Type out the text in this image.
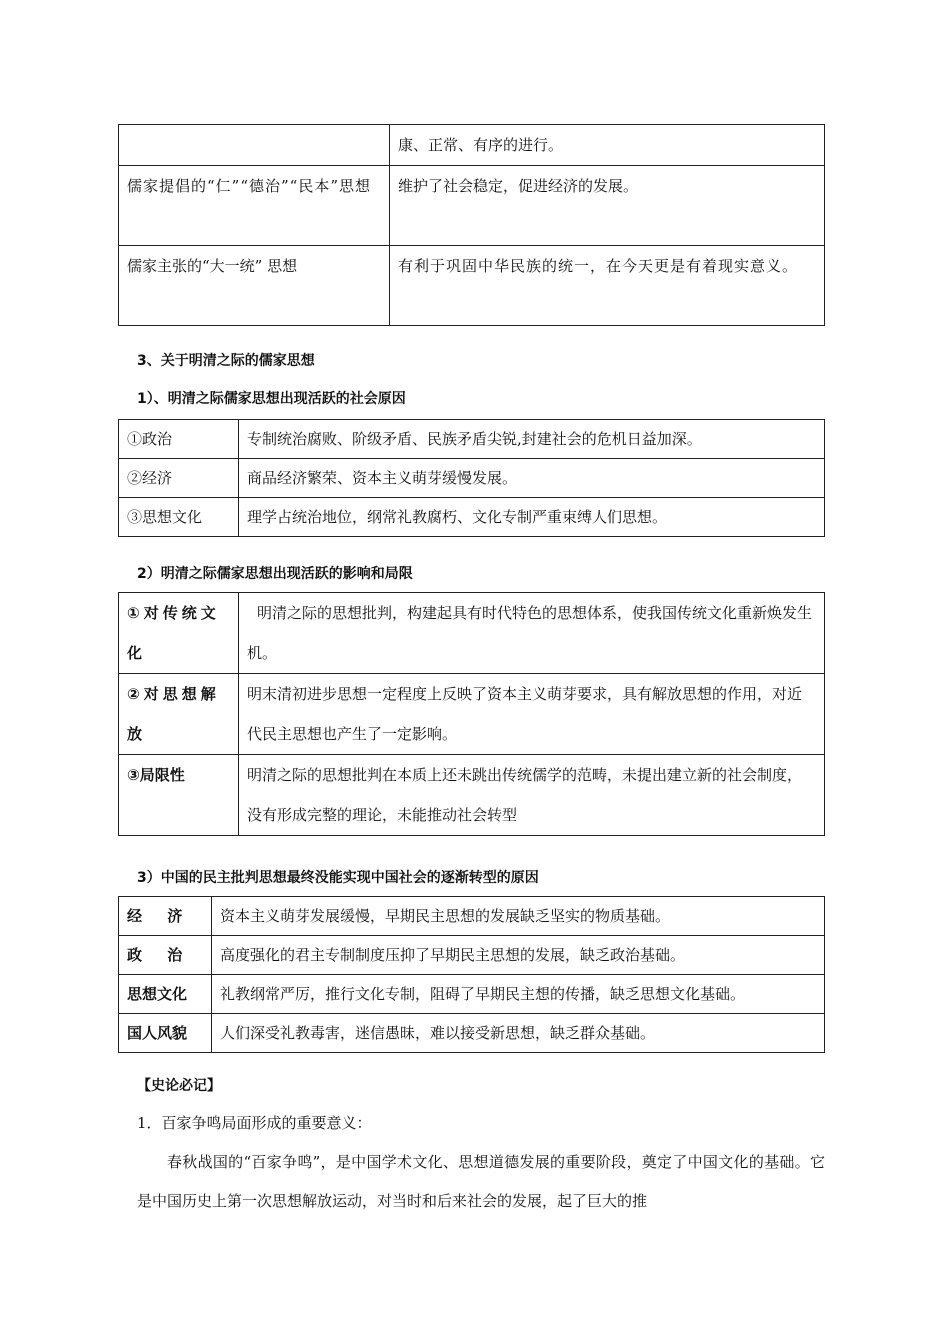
	康、正常、有序的进行。
儒家提倡的“仁”“德治”“民本”思想	维护了社会稳定，促进经济的发展。
儒家主张的“大一统” 思想	有利于巩固中华民族的统一，在今天更是有着现实意义。
3、关于明清之际的儒家思想
1）、明清之际儒家思想出现活跃的社会原因
①政治	专制统治腐败、阶级矛盾、民族矛盾尖锐,封建社会的危机日益加深。
②经济	商品经济繁荣、资本主义萌芽缓慢发展。
③思想文化	理学占统治地位，纲常礼教腐朽、文化专制严重束缚人们思想。
2）明清之际儒家思想出现活跃的影响和局限
①对传统文化	明清之际的思想批判，构建起具有时代特色的思想体系，使我国传统文化重新焕发生机。
②对思想解放	明末清初进步思想一定程度上反映了资本主义萌芽要求，具有解放思想的作用，对近代民主思想也产生了一定影响。
③局限性	明清之际的思想批判在本质上还未跳出传统儒学的范畴，未提出建立新的社会制度，没有形成完整的理论，未能推动社会转型
3）中国的民主批判思想最终没能实现中国社会的逐渐转型的原因
经 济	资本主义萌芽发展缓慢，早期民主思想的发展缺乏坚实的物质基础。
政 治	高度强化的君主专制制度压抑了早期民主思想的发展，缺乏政治基础。
思想文化	礼教纲常严厉，推行文化专制，阻碍了早期民主想的传播，缺乏思想文化基础。
国人风貌	人们深受礼教毒害，迷信愚昧，难以接受新思想，缺乏群众基础。
【史论必记】
1．百家争鸣局面形成的重要意义：
春秋战国的“百家争鸣”，是中国学术文化、思想道德发展的重要阶段，奠定了中国文化的基础。它是中国历史上第一次思想解放运动，对当时和后来社会的发展，起了巨大的推
